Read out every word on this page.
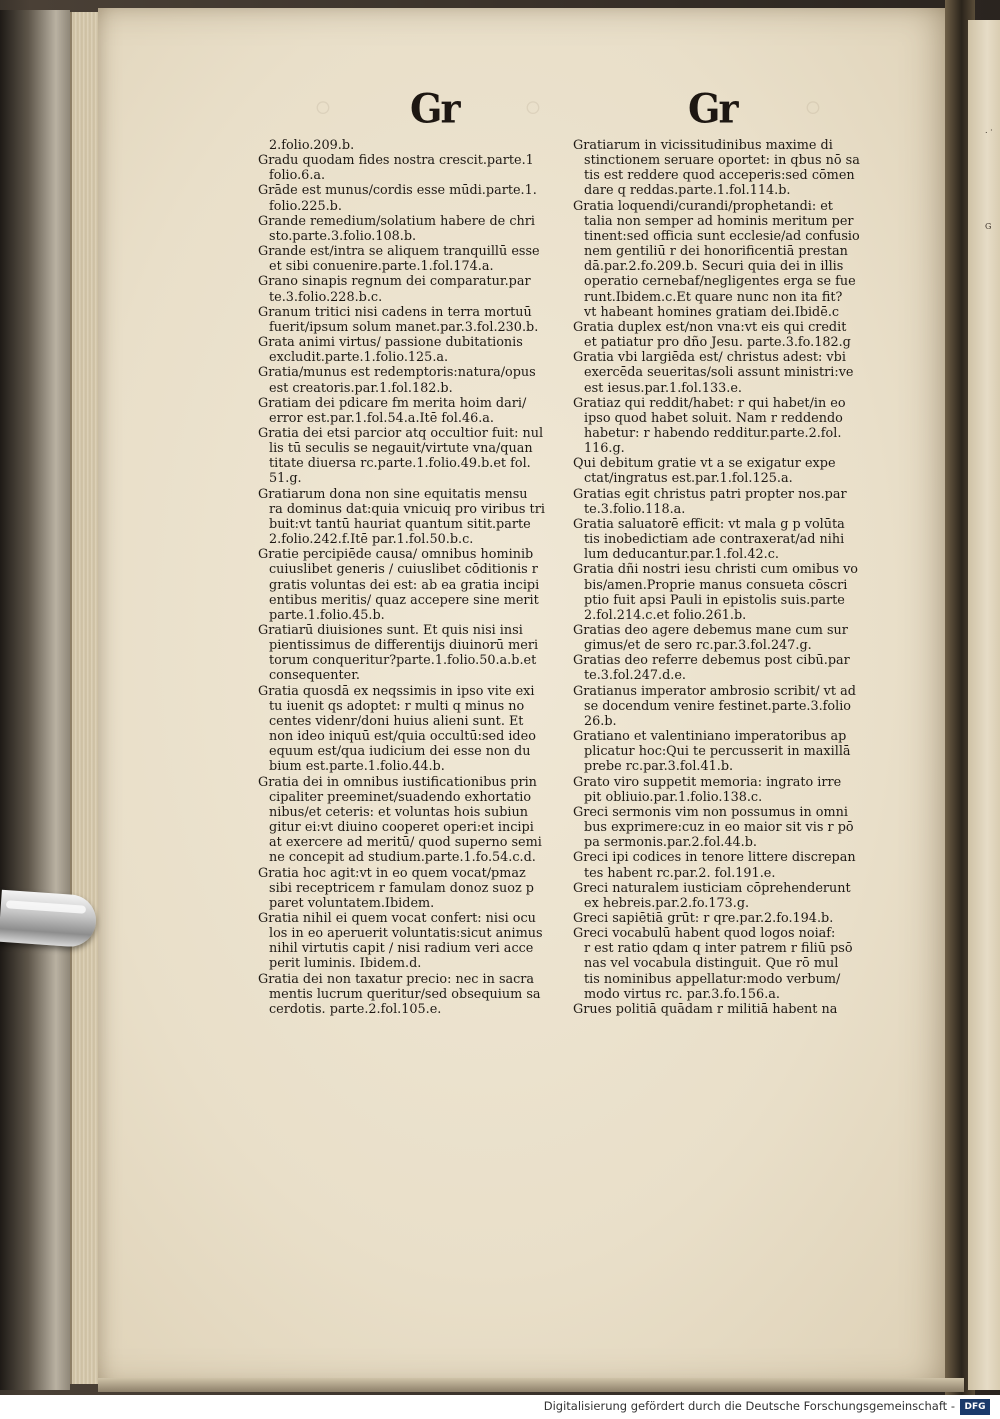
. ·

G
◦	◦	◦
Gr	Gr
2.folio.209.b.
Gradu quodam fides nostra crescit.parte.1
folio.6.a.
Grāde est munus/cordis esse mūdi.parte.1.
folio.225.b.
Grande remedium/solatium habere de chri
sto.parte.3.folio.108.b.
Grande est/intra se aliquem tranquillū esse
et sibi conuenire.parte.1.fol.174.a.
Grano sinapis regnum dei comparatur.par
te.3.folio.228.b.c.
Granum tritici nisi cadens in terra mortuū
fuerit/ipsum solum manet.par.3.fol.230.b.
Grata animi virtus/ passione dubitationis
excludit.parte.1.folio.125.a.
Gratia/munus est redemptoris:natura/opus
est creatoris.par.1.fol.182.b.
Gratiam dei pdicare fm merita hoim dari/
error est.par.1.fol.54.a.Itē fol.46.a.
Gratia dei etsi parcior atq occultior fuit: nul
lis tū seculis se negauit/virtute vna/quan
titate diuersa rc.parte.1.folio.49.b.et fol.
51.g.
Gratiarum dona non sine equitatis mensu
ra dominus dat:quia vnicuiq pro viribus tri
buit:vt tantū hauriat quantum sitit.parte
2.folio.242.f.Itē par.1.fol.50.b.c.
Gratie percipiēde causa/ omnibus hominib
cuiuslibet generis / cuiuslibet cōditionis r
gratis voluntas dei est: ab ea gratia incipi
entibus meritis/ quaz accepere sine merit
parte.1.folio.45.b.
Gratiarū diuisiones sunt. Et quis nisi insi
pientissimus de differentijs diuinorū meri
torum conqueritur?parte.1.folio.50.a.b.et
consequenter.
Gratia quosdā ex neqssimis in ipso vite exi
tu iuenit qs adoptet: r multi q minus no
centes videnr/doni huius alieni sunt. Et
non ideo iniquū est/quia occultū:sed ideo
equum est/qua iudicium dei esse non du
bium est.parte.1.folio.44.b.
Gratia dei in omnibus iustificationibus prin
cipaliter preeminet/suadendo exhortatio
nibus/et ceteris: et voluntas hois subiun
gitur ei:vt diuino cooperet operi:et incipi
at exercere ad meritū/ quod superno semi
ne concepit ad studium.parte.1.fo.54.c.d.
Gratia hoc agit:vt in eo quem vocat/pmaz
sibi receptricem r famulam donoz suoz p
paret voluntatem.Ibidem.
Gratia nihil ei quem vocat confert: nisi ocu
los in eo aperuerit voluntatis:sicut animus
nihil virtutis capit / nisi radium veri acce
perit luminis. Ibidem.d.
Gratia dei non taxatur precio: nec in sacra
mentis lucrum queritur/sed obsequium sa
cerdotis. parte.2.fol.105.e.
Gratiarum in vicissitudinibus maxime di
stinctionem seruare oportet: in qbus nō sa
tis est reddere quod acceperis:sed cōmen
dare q reddas.parte.1.fol.114.b.
Gratia loquendi/curandi/prophetandi: et
talia non semper ad hominis meritum per
tinent:sed officia sunt ecclesie/ad confusio
nem gentiliū r dei honorificentiā prestan
dā.par.2.fo.209.b. Securi quia dei in illis
operatio cernebaf/negligentes erga se fue
runt.Ibidem.c.Et quare nunc non ita fit?
vt habeant homines gratiam dei.Ibidē.c
Gratia duplex est/non vna:vt eis qui credit
et patiatur pro dño Jesu. parte.3.fo.182.g
Gratia vbi largiēda est/ christus adest: vbi
exercēda seueritas/soli assunt ministri:ve
est iesus.par.1.fol.133.e.
Gratiaz qui reddit/habet: r qui habet/in eo
ipso quod habet soluit. Nam r reddendo
habetur: r habendo redditur.parte.2.fol.
116.g.
Qui debitum gratie vt a se exigatur expe
ctat/ingratus est.par.1.fol.125.a.
Gratias egit christus patri propter nos.par
te.3.folio.118.a.
Gratia saluatorē efficit: vt mala g p volūta
tis inobedictiam ade contraxerat/ad nihi
lum deducantur.par.1.fol.42.c.
Gratia dñi nostri iesu christi cum omibus vo
bis/amen.Proprie manus consueta cōscri
ptio fuit apsi Pauli in epistolis suis.parte
2.fol.214.c.et folio.261.b.
Gratias deo agere debemus mane cum sur
gimus/et de sero rc.par.3.fol.247.g.
Gratias deo referre debemus post cibū.par
te.3.fol.247.d.e.
Gratianus imperator ambrosio scribit/ vt ad
se docendum venire festinet.parte.3.folio
26.b.
Gratiano et valentiniano imperatoribus ap
plicatur hoc:Qui te percusserit in maxillā
prebe rc.par.3.fol.41.b.
Grato viro suppetit memoria: ingrato irre
pit obliuio.par.1.folio.138.c.
Greci sermonis vim non possumus in omni
bus exprimere:cuz in eo maior sit vis r pō
pa sermonis.par.2.fol.44.b.
Greci ipi codices in tenore littere discrepan
tes habent rc.par.2. fol.191.e.
Greci naturalem iusticiam cōprehenderunt
ex hebreis.par.2.fo.173.g.
Greci sapiētiā grūt: r qre.par.2.fo.194.b.
Greci vocabulū habent quod logos noiaf:
r est ratio qdam q inter patrem r filiū psō
nas vel vocabula distinguit. Que rō mul
tis nominibus appellatur:modo verbum/
modo virtus rc. par.3.fo.156.a.
Grues politiā quādam r militiā habent na
Digitalisierung gefördert durch die Deutsche Forschungsgemeinschaft -	DFG
